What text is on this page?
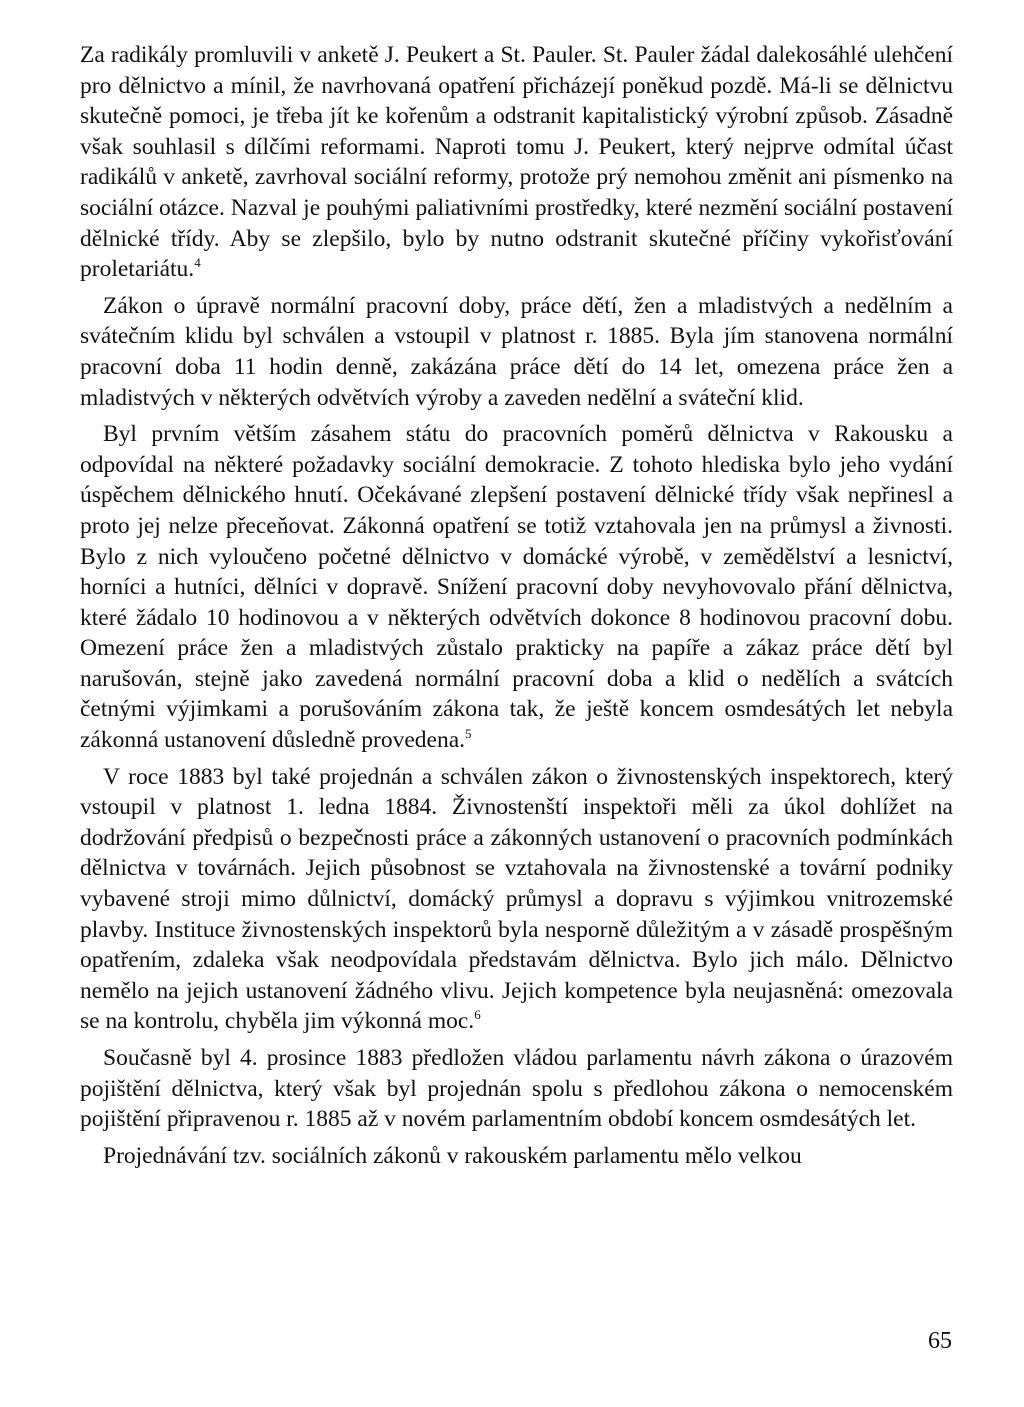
Za radikály promluvili v anketě J. Peukert a St. Pauler. St. Pauler žádal dalekosáhlé ulehčení pro dělnictvo a mínil, že navrhovaná opatření přicházejí poněkud pozdě. Má-li se dělnictvu skutečně pomoci, je třeba jít ke kořenům a odstranit kapitalistický výrobní způsob. Zásadně však souhlasil s dílčími reformami. Naproti tomu J. Peukert, který nejprve odmítal účast radikálů v anketě, zavrhoval sociální reformy, protože prý nemohou změnit ani písmenko na sociální otázce. Nazval je pouhými paliativními prostředky, které nezmění sociální postavení dělnické třídy. Aby se zlepšilo, bylo by nutno odstranit skutečné příčiny vykořisťování proletariátu.$^4$

Zákon o úpravě normální pracovní doby, práce dětí, žen a mladistvých a nedělním a svátečním klidu byl schválen a vstoupil v platnost r. 1885. Byla jím stanovena normální pracovní doba 11 hodin denně, zakázána práce dětí do 14 let, omezena práce žen a mladistvých v některých odvětvích výroby a zaveden nedělní a sváteční klid.

Byl prvním větším zásahem státu do pracovních poměrů dělnictva v Rakousku a odpovídal na některé požadavky sociální demokracie. Z tohoto hlediska bylo jeho vydání úspěchem dělnického hnutí. Očekávané zlepšení postavení dělnické třídy však nepřinesl a proto jej nelze přeceňovat. Zákonná opatření se totiž vztahovala jen na průmysl a živnosti. Bylo z nich vyloučeno početné dělnictvo v domácké výrobě, v zemědělství a lesnictví, horníci a hutníci, dělníci v dopravě. Snížení pracovní doby nevyhovovalo přání dělnictva, které žádalo 10 hodinovou a v některých odvětvích dokonce 8 hodinovou pracovní dobu. Omezení práce žen a mladistvých zůstalo prakticky na papíře a zákaz práce dětí byl narušován, stejně jako zavedená normální pracovní doba a klid o nedělích a svátcích četnými výjimkami a porušováním zákona tak, že ještě koncem osmdesátých let nebyla zákonná ustanovení důsledně provedena.$^5$

V roce 1883 byl také projednán a schválen zákon o živnostenských inspektorech, který vstoupil v platnost 1. ledna 1884. Živnostenští inspektoři měli za úkol dohlížet na dodržování předpisů o bezpečnosti práce a zákonných ustanovení o pracovních podmínkách dělnictva v továrnách. Jejich působnost se vztahovala na živnostenské a tovární podniky vybavené stroji mimo důlnictví, domácký průmysl a dopravu s výjimkou vnitrozemské plavby. Instituce živnostenských inspektorů byla nesporně důležitým a v zásadě prospěšným opatřením, zdaleka však neodpovídala představám dělnictva. Bylo jich málo. Dělnictvo nemělo na jejich ustanovení žádného vlivu. Jejich kompetence byla neujasněná: omezovala se na kontrolu, chyběla jim výkonná moc.$^6$

Současně byl 4. prosince 1883 předložen vládou parlamentu návrh zákona o úrazovém pojištění dělnictva, který však byl projednán spolu s předlohou zákona o nemocenském pojištění připravenou r. 1885 až v novém parlamentním období koncem osmdesátých let.

Projednávání tzv. sociálních zákonů v rakouském parlamentu mělo velkou

65
